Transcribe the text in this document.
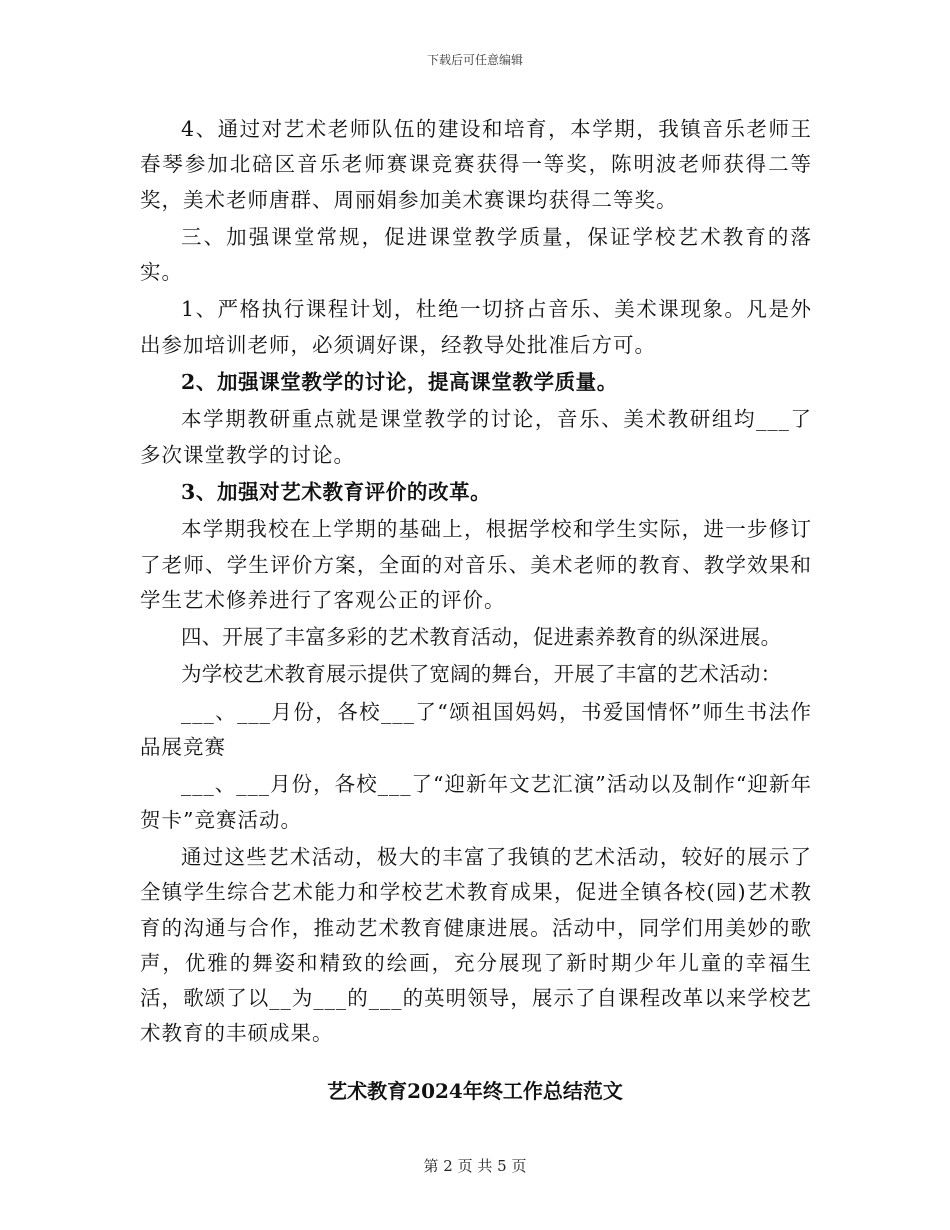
下载后可任意编辑

4、通过对艺术老师队伍的建设和培育，本学期，我镇音乐老师王春琴参加北碚区音乐老师赛课竞赛获得一等奖，陈明波老师获得二等奖，美术老师唐群、周丽娟参加美术赛课均获得二等奖。

三、加强课堂常规，促进课堂教学质量，保证学校艺术教育的落实。

1、严格执行课程计划，杜绝一切挤占音乐、美术课现象。凡是外出参加培训老师，必须调好课，经教导处批准后方可。

2、加强课堂教学的讨论，提高课堂教学质量。

本学期教研重点就是课堂教学的讨论，音乐、美术教研组均___了多次课堂教学的讨论。

3、加强对艺术教育评价的改革。

本学期我校在上学期的基础上，根据学校和学生实际，进一步修订了老师、学生评价方案，全面的对音乐、美术老师的教育、教学效果和学生艺术修养进行了客观公正的评价。

四、开展了丰富多彩的艺术教育活动，促进素养教育的纵深进展。

为学校艺术教育展示提供了宽阔的舞台，开展了丰富的艺术活动：

___、___月份，各校___了“颂祖国妈妈，书爱国情怀”师生书法作品展竞赛

___、___月份，各校___了“迎新年文艺汇演”活动以及制作“迎新年贺卡”竞赛活动。

通过这些艺术活动，极大的丰富了我镇的艺术活动，较好的展示了全镇学生综合艺术能力和学校艺术教育成果，促进全镇各校(园)艺术教育的沟通与合作，推动艺术教育健康进展。活动中，同学们用美妙的歌声，优雅的舞姿和精致的绘画，充分展现了新时期少年儿童的幸福生活，歌颂了以__为___的___的英明领导，展示了自课程改革以来学校艺术教育的丰硕成果。

艺术教育2024年终工作总结范文
第 2 页 共 5 页
